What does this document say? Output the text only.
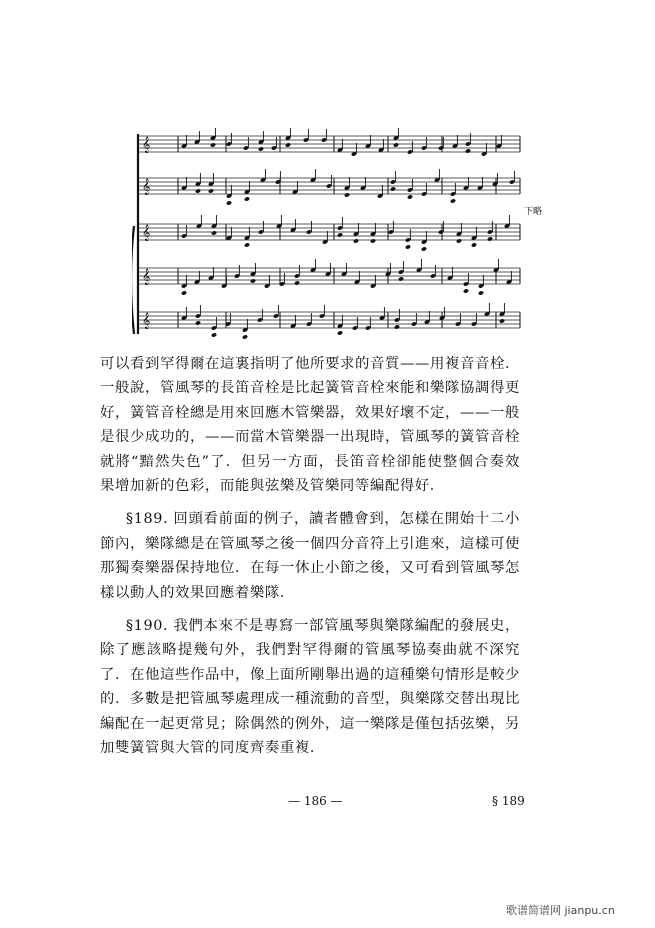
𝄞
𝄞
𝄞
𝄞
𝄞
下略

可以看到罕得爾在這裏指明了他所要求的音質——用複音音栓．一般說，管風琴的長笛音栓是比起簧管音栓來能和樂隊協調得更好，簧管音栓總是用來回應木管樂器，效果好壞不定，——一般是很少成功的，——而當木管樂器一出現時，管風琴的簧管音栓就將“黯然失色”了．但另一方面，長笛音栓卻能使整個合奏效果增加新的色彩，而能與弦樂及管樂同等編配得好．

§189. 回頭看前面的例子，讀者體會到，怎樣在開始十二小節內，樂隊總是在管風琴之後一個四分音符上引進來，這樣可使那獨奏樂器保持地位．在每一休止小節之後，又可看到管風琴怎樣以動人的效果回應着樂隊．

§190. 我們本來不是專寫一部管風琴與樂隊編配的發展史，除了應該略提幾句外，我們對罕得爾的管風琴協奏曲就不深究了．在他這些作品中，像上面所剛舉出過的這種樂句情形是較少的．多數是把管風琴處理成一種流動的音型，與樂隊交替出現比編配在一起更常見；除偶然的例外，這一樂隊是僅包括弦樂，另加雙簧管與大管的同度齊奏重複．

— 186 —	§ 189
歌谱简谱网 jianpu.cn
